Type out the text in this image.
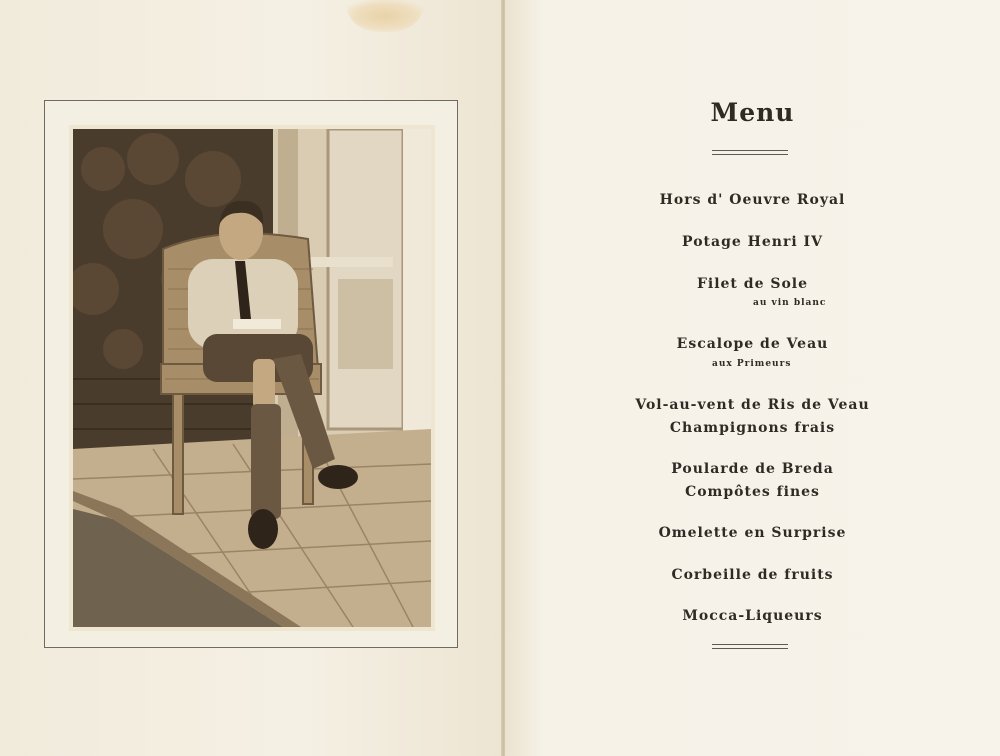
Menu
Hors d' Oeuvre Royal
Potage Henri IV
Filet de Sole
au vin blanc
Escalope de Veau
aux Primeurs
Vol-au-vent de Ris de Veau
Champignons frais
Poularde de Breda
Compôtes fines
Omelette en Surprise
Corbeille de fruits
Mocca-Liqueurs
